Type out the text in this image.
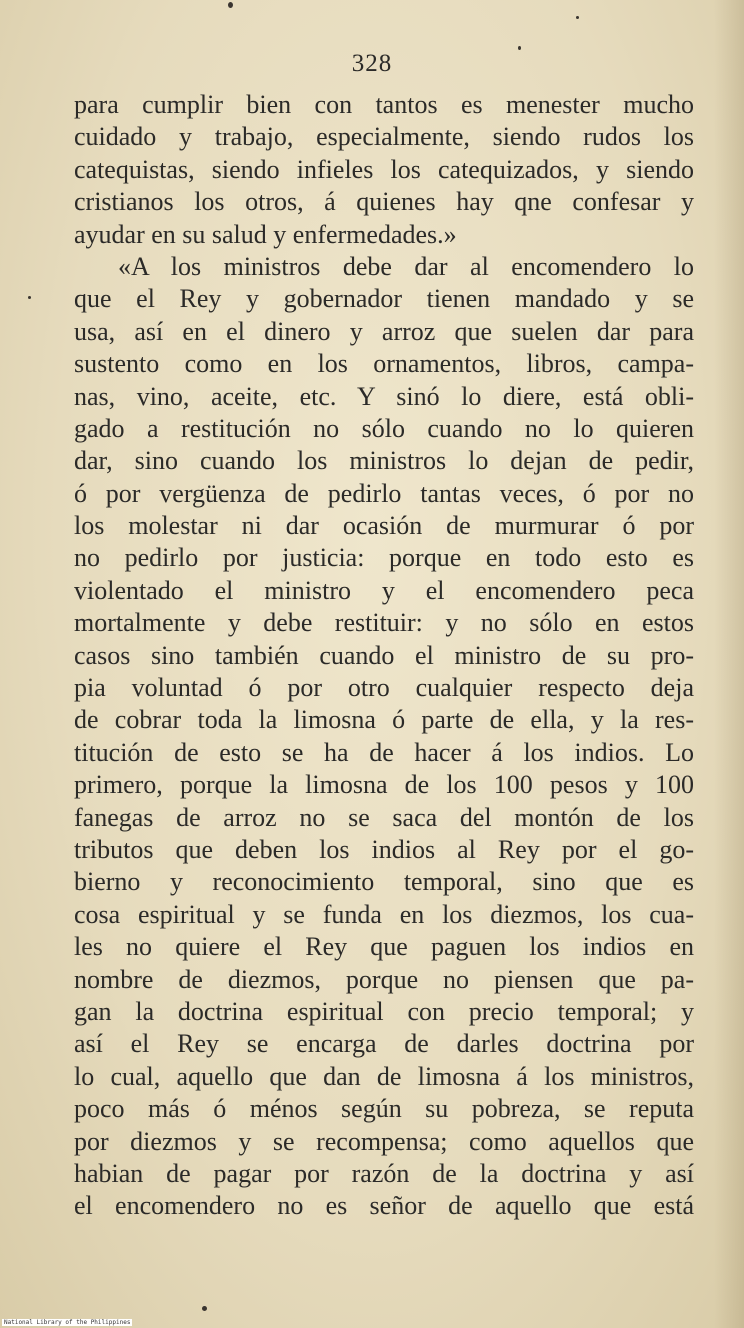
328
para cumplir bien con tantos es menester mucho
cuidado y trabajo, especialmente, siendo rudos los
catequistas, siendo infieles los catequizados, y siendo
cristianos los otros, á quienes hay qne confesar y
ayudar en su salud y enfermedades.»
«A los ministros debe dar al encomendero lo
que el Rey y gobernador tienen mandado y se
usa, así en el dinero y arroz que suelen dar para
sustento como en los ornamentos, libros, campa-
nas, vino, aceite, etc. Y sinó lo diere, está obli-
gado a restitución no sólo cuando no lo quieren
dar, sino cuando los ministros lo dejan de pedir,
ó por vergüenza de pedirlo tantas veces, ó por no
los molestar ni dar ocasión de murmurar ó por
no pedirlo por justicia: porque en todo esto es
violentado el ministro y el encomendero peca
mortalmente y debe restituir: y no sólo en estos
casos sino también cuando el ministro de su pro-
pia voluntad ó por otro cualquier respecto deja
de cobrar toda la limosna ó parte de ella, y la res-
titución de esto se ha de hacer á los indios. Lo
primero, porque la limosna de los 100 pesos y 100
fanegas de arroz no se saca del montón de los
tributos que deben los indios al Rey por el go-
bierno y reconocimiento temporal, sino que es
cosa espiritual y se funda en los diezmos, los cua-
les no quiere el Rey que paguen los indios en
nombre de diezmos, porque no piensen que pa-
gan la doctrina espiritual con precio temporal; y
así el Rey se encarga de darles doctrina por
lo cual, aquello que dan de limosna á los ministros,
poco más ó ménos según su pobreza, se reputa
por diezmos y se recompensa; como aquellos que
habian de pagar por razón de la doctrina y así
el encomendero no es señor de aquello que está
National Library of the Philippines
